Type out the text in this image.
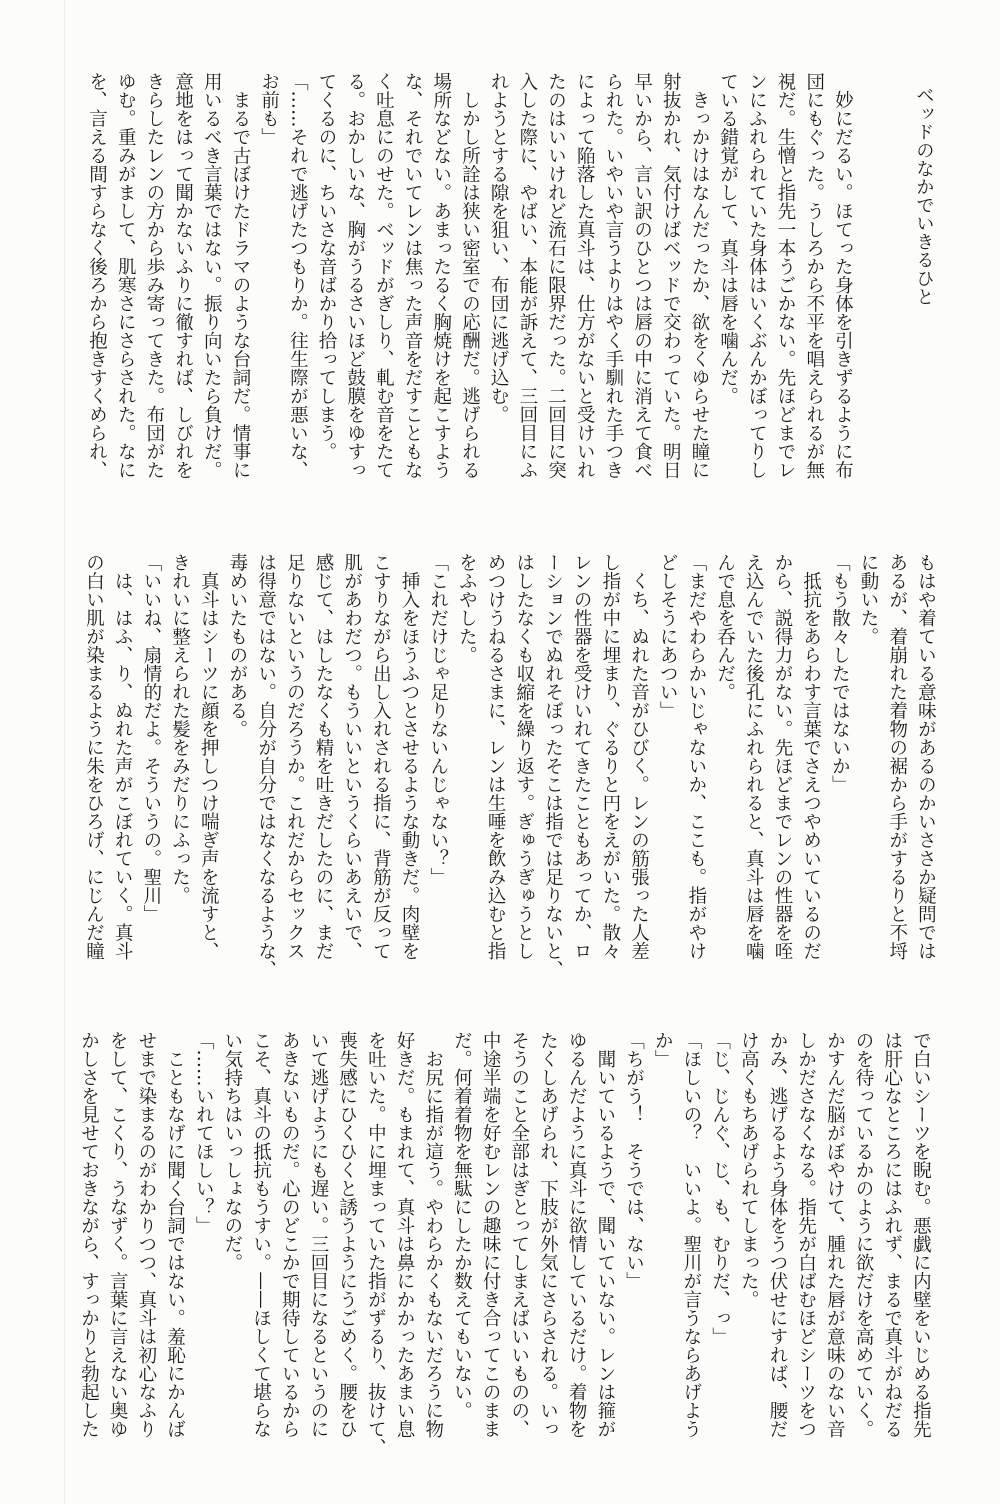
ベッドのなかでいきるひと
　妙にだるい。ほてった身体を引きずるように布
団にもぐった。うしろから不平を唱えられるが無
視だ。生憎と指先一本うごかない。先ほどまでレ
ンにふれられていた身体はいくぶんかぼってりし
ている錯覚がして、真斗は唇を噛んだ。
　きっかけはなんだったか、欲をくゆらせた瞳に
射抜かれ、気付けばベッドで交わっていた。明日
早いから、言い訳のひとつは唇の中に消えて食べ
られた。いやいや言うよりはやく手馴れた手つき
によって陥落した真斗は、仕方がないと受けいれ
たのはいいけれど流石に限界だった。二回目に突
入した際に、やばい、本能が訴えて、三回目にふ
れようとする隙を狙い、布団に逃げ込む。
　しかし所詮は狭い密室での応酬だ。逃げられる
場所などない。あまったるく胸焼けを起こすよう
な、それでいてレンは焦った声音をだすこともな
く吐息にのせた。ベッドがぎしり、軋む音をたて
る。おかしいな、胸がうるさいほど鼓膜をゆすっ
てくるのに、ちいさな音ばかり拾ってしまう。
「……それで逃げたつもりか。往生際が悪いな、
お前も」
　まるで古ぼけたドラマのような台詞だ。情事に
用いるべき言葉ではない。振り向いたら負けだ。
意地をはって聞かないふりに徹すれば、しびれを
きらしたレンの方から歩み寄ってきた。布団がた
ゆむ。重みがまして、肌寒さにさらされた。なに
を、言える間すらなく後ろから抱きすくめられ、
もはや着ている意味があるのかいささか疑問では
あるが、着崩れた着物の裾から手がするりと不埒
に動いた。
「もう散々したではないか」
　抵抗をあらわす言葉でさえつやめいているのだ
から、説得力がない。先ほどまでレンの性器を咥
え込んでいた後孔にふれられると、真斗は唇を噛
んで息を呑んだ。
「まだやわらかいじゃないか、ここも。指がやけ
どしそうにあつい」
　くち、ぬれた音がひびく。レンの筋張った人差
し指が中に埋まり、ぐるりと円をえがいた。散々
レンの性器を受けいれてきたこともあってか、ロ
ーションでぬれそぼったそこは指では足りないと、
はしたなくも収縮を繰り返す。ぎゅうぎゅうとし
めつけうねるさまに、レンは生唾を飲み込むと指
をふやした。
「これだけじゃ足りないんじゃない？」
　挿入をほうふつとさせるような動きだ。肉壁を
こすりながら出し入れされる指に、背筋が反って
肌があわだつ。もういいというくらいあえいで、
感じて、はしたなくも精を吐きだしたのに、まだ
足りないというのだろうか。これだからセックス
は得意ではない。自分が自分ではなくなるような、
毒めいたものがある。
　真斗はシーツに顔を押しつけ喘ぎ声を流すと、
きれいに整えられた髪をみだりにふった。
「いいね、扇情的だよ。そういうの。聖川」
　は、はふ、り、ぬれた声がこぼれていく。真斗
の白い肌が染まるように朱をひろげ、にじんだ瞳
で白いシーツを睨む。悪戯に内壁をいじめる指先
は肝心なところにはふれず、まるで真斗がねだる
のを待っているかのように欲だけを高めていく。
かすんだ脳がぼやけて、腫れた唇が意味のない音
しかださなくなる。指先が白ばむほどシーツをつ
かみ、逃げるよう身体をうつ伏せにすれば、腰だ
け高くもちあげられてしまった。
「じ、じんぐ、じ、も、むりだ、っ」
「ほしいの？　いいよ。聖川が言うならあげよう
か」
「ちがう！　そうでは、ない」
　聞いているようで、聞いていない。レンは箍が
ゆるんだように真斗に欲情しているだけ。着物を
たくしあげられ、下肢が外気にさらされる。いっ
そうのこと全部はぎとってしまえばいいものの、
中途半端を好むレンの趣味に付き合ってこのまま
だ。何着着物を無駄にしたか数えてもいない。
　お尻に指が這う。やわらかくもないだろうに物
好きだ。もまれて、真斗は鼻にかかったあまい息
を吐いた。中に埋まっていた指がずるり、抜けて、
喪失感にひくひくと誘うようにうごめく。腰をひ
いて逃げようにも遅い。三回目になるというのに
あきないものだ。心のどこかで期待しているから
こそ、真斗の抵抗もうすい。——ほしくて堪らな
い気持ちはいっしょなのだ。
「……いれてほしい？」
　こともなげに聞く台詞ではない。羞恥にかんば
せまで染まるのがわかりつつ、真斗は初心なふり
をして、こくり、うなずく。言葉に言えない奥ゆ
かしさを見せておきながら、すっかりと勃起した
